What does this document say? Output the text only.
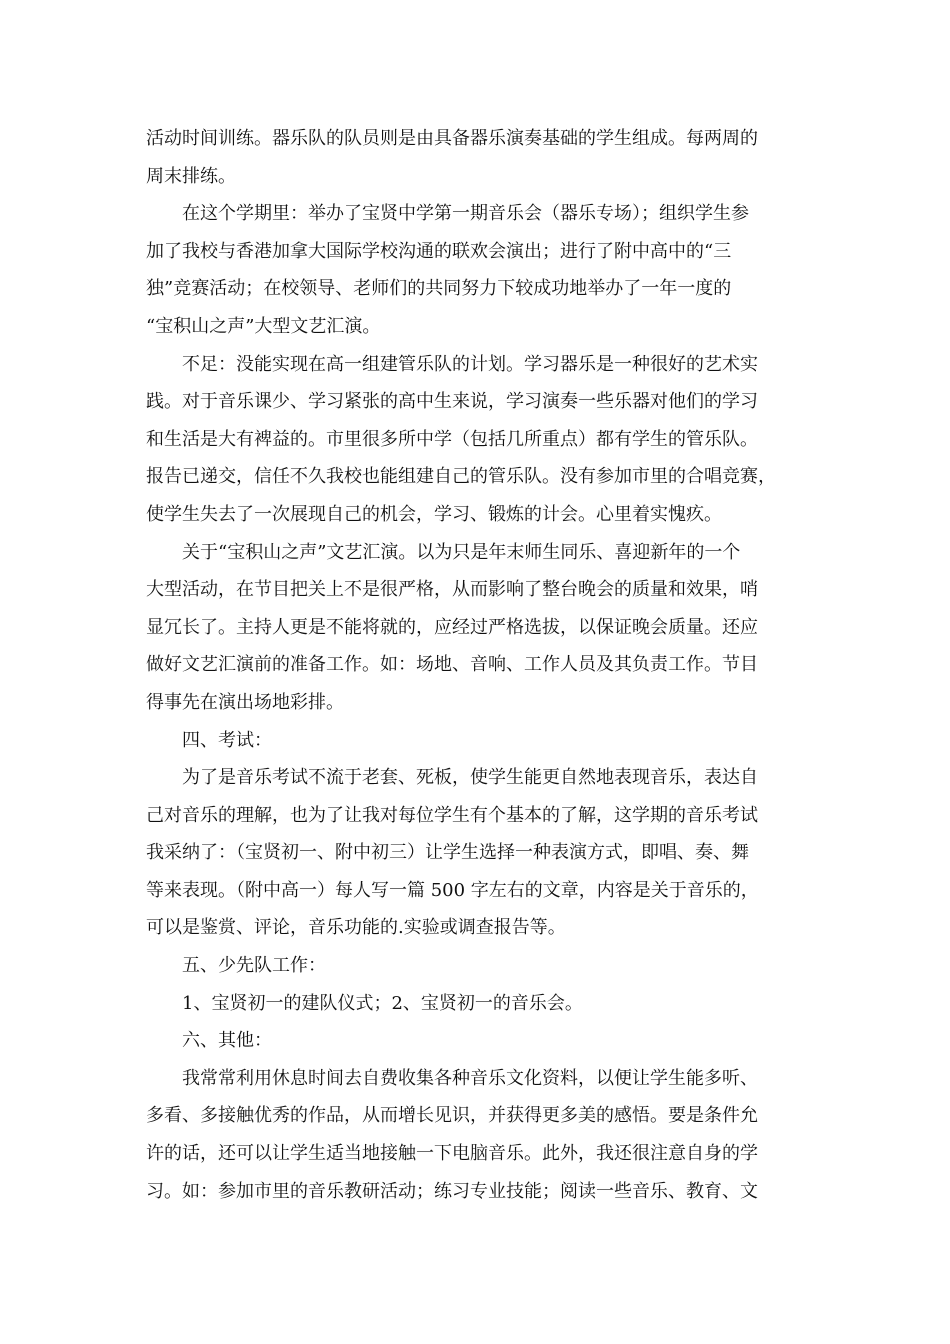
活动时间训练。器乐队的队员则是由具备器乐演奏基础的学生组成。每两周的
周末排练。
　　在这个学期里：举办了宝贤中学第一期音乐会（器乐专场）；组织学生参
加了我校与香港加拿大国际学校沟通的联欢会演出；进行了附中高中的“三
独”竞赛活动；在校领导、老师们的共同努力下较成功地举办了一年一度的
“宝积山之声”大型文艺汇演。
　　不足：没能实现在高一组建管乐队的计划。学习器乐是一种很好的艺术实
践。对于音乐课少、学习紧张的高中生来说，学习演奏一些乐器对他们的学习
和生活是大有裨益的。市里很多所中学（包括几所重点）都有学生的管乐队。
报告已递交，信任不久我校也能组建自己的管乐队。没有参加市里的合唱竞赛，
使学生失去了一次展现自己的机会，学习、锻炼的计会。心里着实愧疚。
　　关于“宝积山之声”文艺汇演。以为只是年末师生同乐、喜迎新年的一个
大型活动，在节目把关上不是很严格，从而影响了整台晚会的质量和效果，哨
显冗长了。主持人更是不能将就的，应经过严格选拔，以保证晚会质量。还应
做好文艺汇演前的准备工作。如：场地、音响、工作人员及其负责工作。节目
得事先在演出场地彩排。
　　四、考试：
　　为了是音乐考试不流于老套、死板，使学生能更自然地表现音乐，表达自
己对音乐的理解，也为了让我对每位学生有个基本的了解，这学期的音乐考试
我采纳了：（宝贤初一、附中初三）让学生选择一种表演方式，即唱、奏、舞
等来表现。（附中高一）每人写一篇 500 字左右的文章，内容是关于音乐的，
可以是鉴赏、评论，音乐功能的.实验或调查报告等。
　　五、少先队工作：
　　1、宝贤初一的建队仪式；2、宝贤初一的音乐会。
　　六、其他：
　　我常常利用休息时间去自费收集各种音乐文化资料，以便让学生能多听、
多看、多接触优秀的作品，从而增长见识，并获得更多美的感悟。要是条件允
许的话，还可以让学生适当地接触一下电脑音乐。此外，我还很注意自身的学
习。如：参加市里的音乐教研活动；练习专业技能；阅读一些音乐、教育、文
